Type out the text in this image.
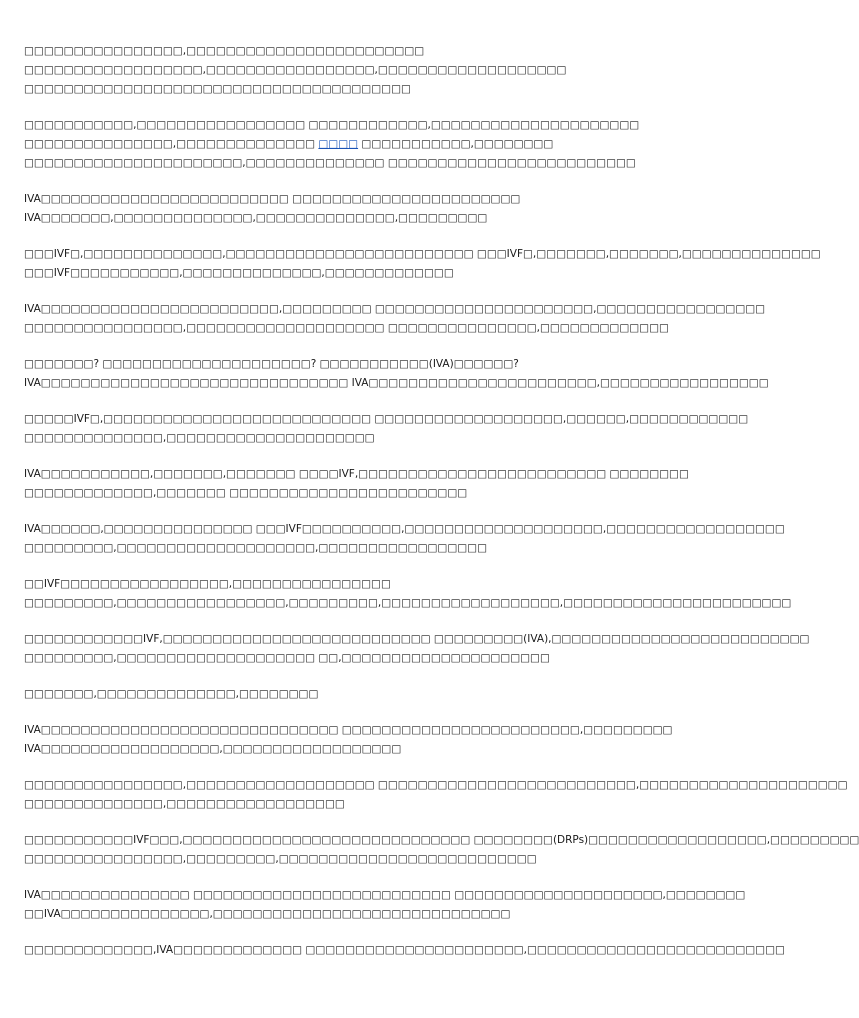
□□□□□□□□□□□□□□□□,□□□□□□□□□□□□□□□□□□□□□□□□
□□□□□□□□□□□□□□□□□□,□□□□□□□□□□□□□□□□□,□□□□□□□□□□□□□□□□□□□
□□□□□□□□□□□□□□□□□□□□□□□□□□□□□□□□□□□□□□□
□□□□□□□□□□□,□□□□□□□□□□□□□□□□□ □□□□□□□□□□□□,□□□□□□□□□□□□□□□□□□□□□
□□□□□□□□□□□□□□□,□□□□□□□□□□□□□□ □□□□ □□□□□□□□□□□,□□□□□□□□
□□□□□□□□□□□□□□□□□□□□□□,□□□□□□□□□□□□□□ □□□□□□□□□□□□□□□□□□□□□□□□□
IVA□□□□□□□□□□□□□□□□□□□□□□□□□ □□□□□□□□□□□□□□□□□□□□□□□
IVA□□□□□□□,□□□□□□□□□□□□□□,□□□□□□□□□□□□□□,□□□□□□□□□
□□□IVF□,□□□□□□□□□□□□□□,□□□□□□□□□□□□□□□□□□□□□□□□□ □□□IVF□,□□□□□□□,□□□□□□□,□□□□□□□□□□□□□□
□□□IVF□□□□□□□□□□□,□□□□□□□□□□□□□□,□□□□□□□□□□□□□
IVA□□□□□□□□□□□□□□□□□□□□□□□□,□□□□□□□□□ □□□□□□□□□□□□□□□□□□□□□□,□□□□□□□□□□□□□□□□□
□□□□□□□□□□□□□□□□,□□□□□□□□□□□□□□□□□□□□ □□□□□□□□□□□□□□□,□□□□□□□□□□□□□
□□□□□□□? □□□□□□□□□□□□□□□□□□□□□? □□□□□□□□□□□(IVA)□□□□□□?
IVA□□□□□□□□□□□□□□□□□□□□□□□□□□□□□□□ IVA□□□□□□□□□□□□□□□□□□□□□□□,□□□□□□□□□□□□□□□□□
□□□□□IVF□,□□□□□□□□□□□□□□□□□□□□□□□□□□□ □□□□□□□□□□□□□□□□□□□,□□□□□□,□□□□□□□□□□□□
□□□□□□□□□□□□□□,□□□□□□□□□□□□□□□□□□□□□
IVA□□□□□□□□□□□,□□□□□□□,□□□□□□□ □□□□IVF,□□□□□□□□□□□□□□□□□□□□□□□□□ □□□□□□□□
□□□□□□□□□□□□□,□□□□□□□ □□□□□□□□□□□□□□□□□□□□□□□□
IVA□□□□□□,□□□□□□□□□□□□□□□ □□□IVF□□□□□□□□□□,□□□□□□□□□□□□□□□□□□□□,□□□□□□□□□□□□□□□□□□
□□□□□□□□□,□□□□□□□□□□□□□□□□□□□□,□□□□□□□□□□□□□□□□□
□□IVF□□□□□□□□□□□□□□□□□,□□□□□□□□□□□□□□□□
□□□□□□□□□,□□□□□□□□□□□□□□□□□,□□□□□□□□□,□□□□□□□□□□□□□□□□□□,□□□□□□□□□□□□□□□□□□□□□□□
□□□□□□□□□□□□IVF,□□□□□□□□□□□□□□□□□□□□□□□□□□□ □□□□□□□□□(IVA),□□□□□□□□□□□□□□□□□□□□□□□□□□
□□□□□□□□□,□□□□□□□□□□□□□□□□□□□□ □□,□□□□□□□□□□□□□□□□□□□□□
□□□□□□□,□□□□□□□□□□□□□□,□□□□□□□□
IVA□□□□□□□□□□□□□□□□□□□□□□□□□□□□□□ □□□□□□□□□□□□□□□□□□□□□□□□,□□□□□□□□□
IVA□□□□□□□□□□□□□□□□□□,□□□□□□□□□□□□□□□□□□
□□□□□□□□□□□□□□□□,□□□□□□□□□□□□□□□□□□□ □□□□□□□□□□□□□□□□□□□□□□□□□□,□□□□□□□□□□□□□□□□□□□□□
□□□□□□□□□□□□□□,□□□□□□□□□□□□□□□□□□
□□□□□□□□□□□IVF□□□,□□□□□□□□□□□□□□□□□□□□□□□□□□□□□ □□□□□□□□(DRPs)□□□□□□□□□□□□□□□□□□,□□□□□□□□□
□□□□□□□□□□□□□□□□,□□□□□□□□□,□□□□□□□□□□□□□□□□□□□□□□□□□□
IVA□□□□□□□□□□□□□□□ □□□□□□□□□□□□□□□□□□□□□□□□□□ □□□□□□□□□□□□□□□□□□□□□,□□□□□□□□
□□IVA□□□□□□□□□□□□□□□,□□□□□□□□□□□□□□□□□□□□□□□□□□□□□□
□□□□□□□□□□□□□,IVA□□□□□□□□□□□□□ □□□□□□□□□□□□□□□□□□□□□□,□□□□□□□□□□□□□□□□□□□□□□□□□□
